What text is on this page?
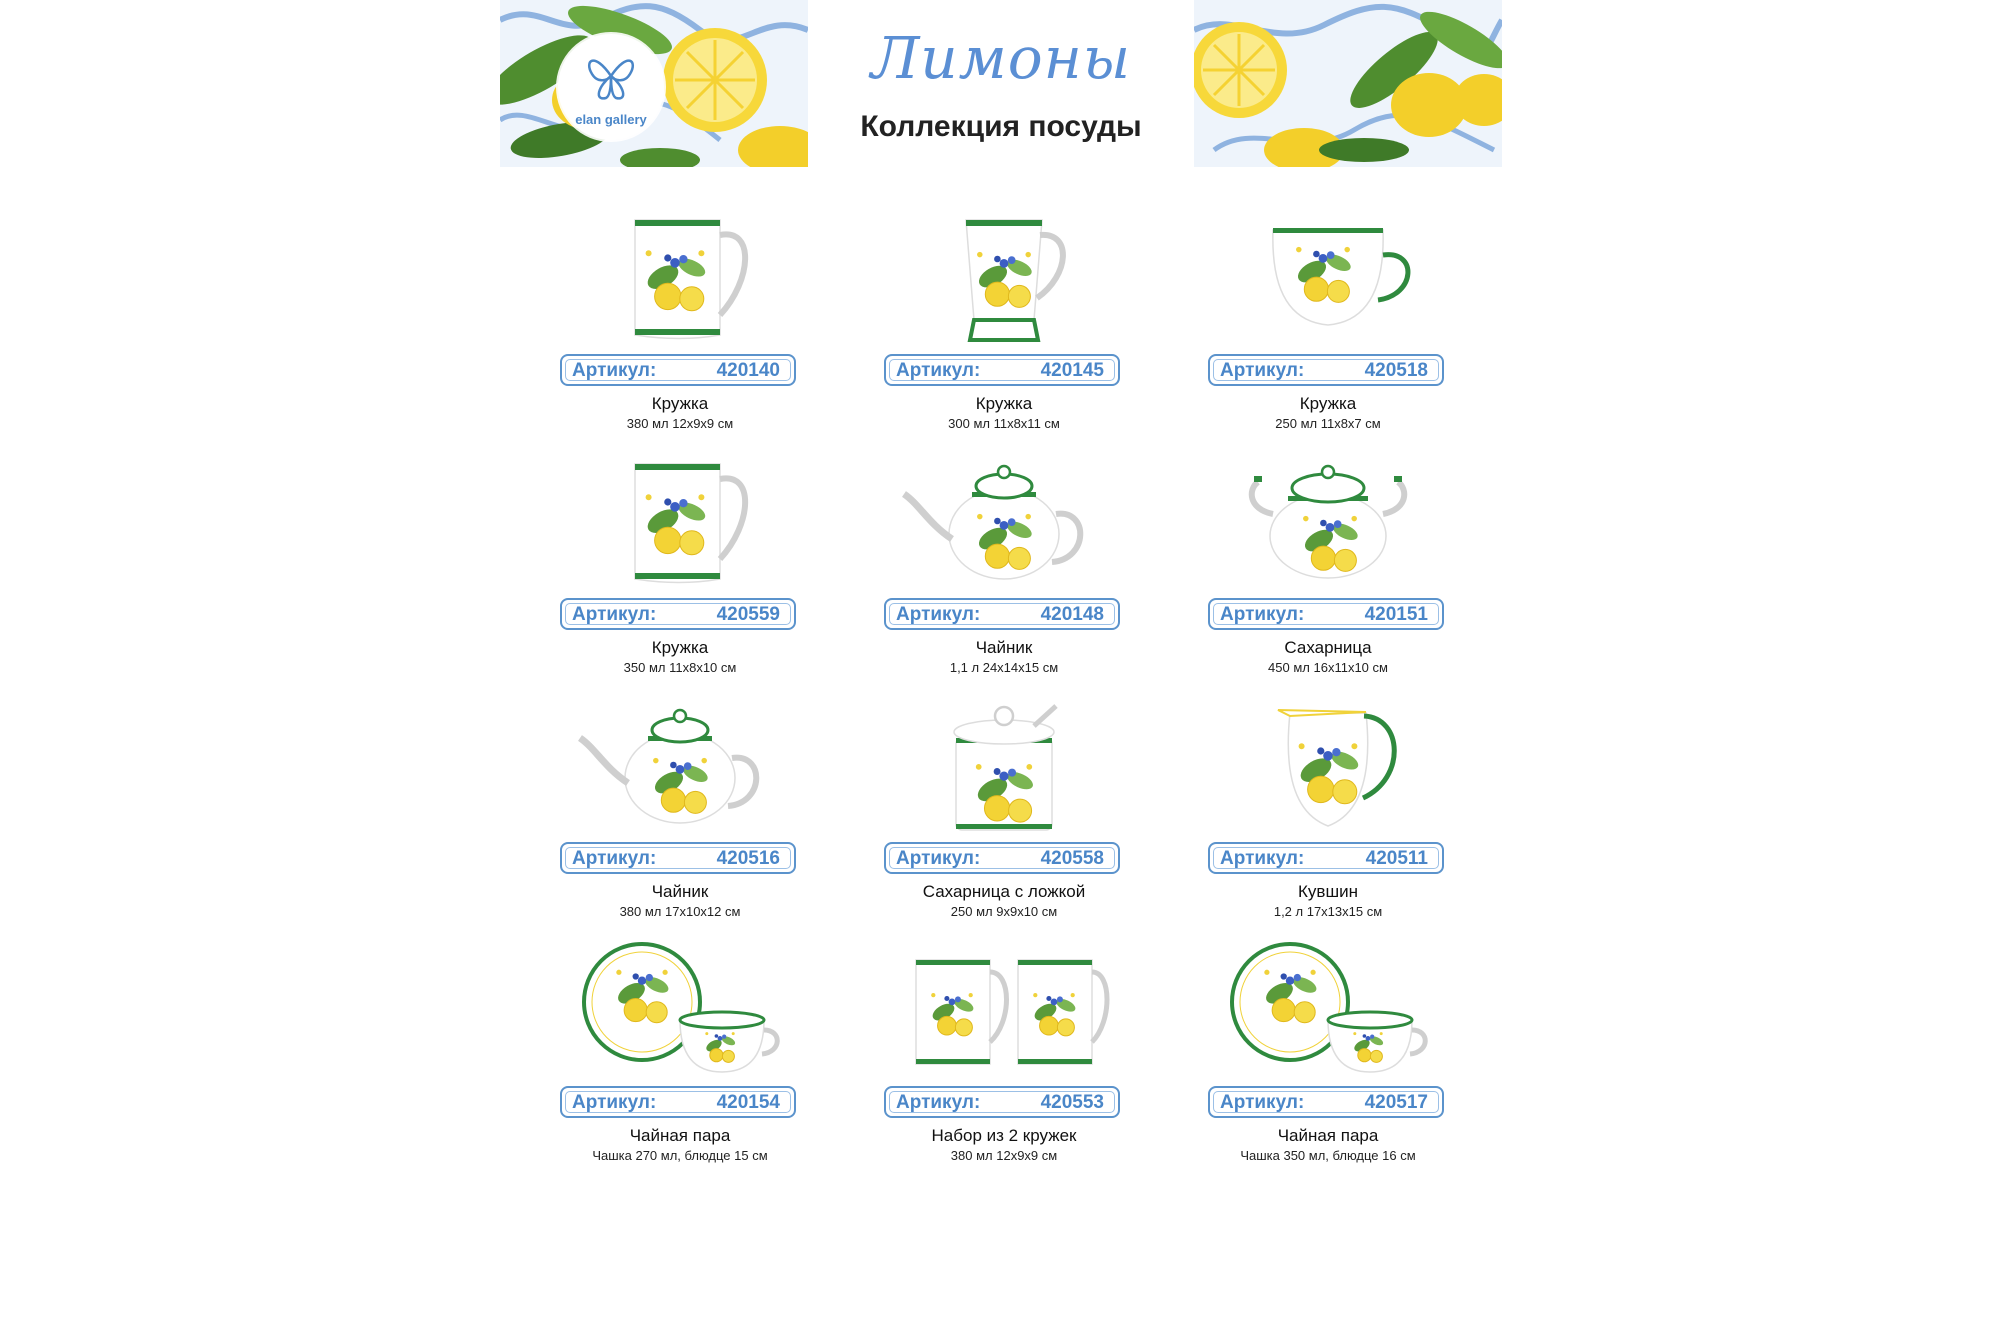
Лимоны
Коллекция посуды
elan gallery
Артикул:	420140
Кружка
380 мл 12х9х9 см
Артикул:	420145
Кружка
300 мл 11х8х11 см
Артикул:	420518
Кружка
250 мл 11х8х7 см
Артикул:	420559
Кружка
350 мл 11х8х10 см
Артикул:	420148
Чайник
1,1 л 24х14х15 см
Артикул:	420151
Сахарница
450 мл 16х11х10 см
Артикул:	420516
Чайник
380 мл 17х10х12 см
Артикул:	420558
Сахарница с ложкой
250 мл 9х9х10 см
Артикул:	420511
Кувшин
1,2 л 17х13х15 см
Артикул:	420154
Чайная пара
Чашка 270 мл, блюдце 15 см
Артикул:	420553
Набор из 2 кружек
380 мл 12х9х9 см
Артикул:	420517
Чайная пара
Чашка 350 мл, блюдце 16 см
